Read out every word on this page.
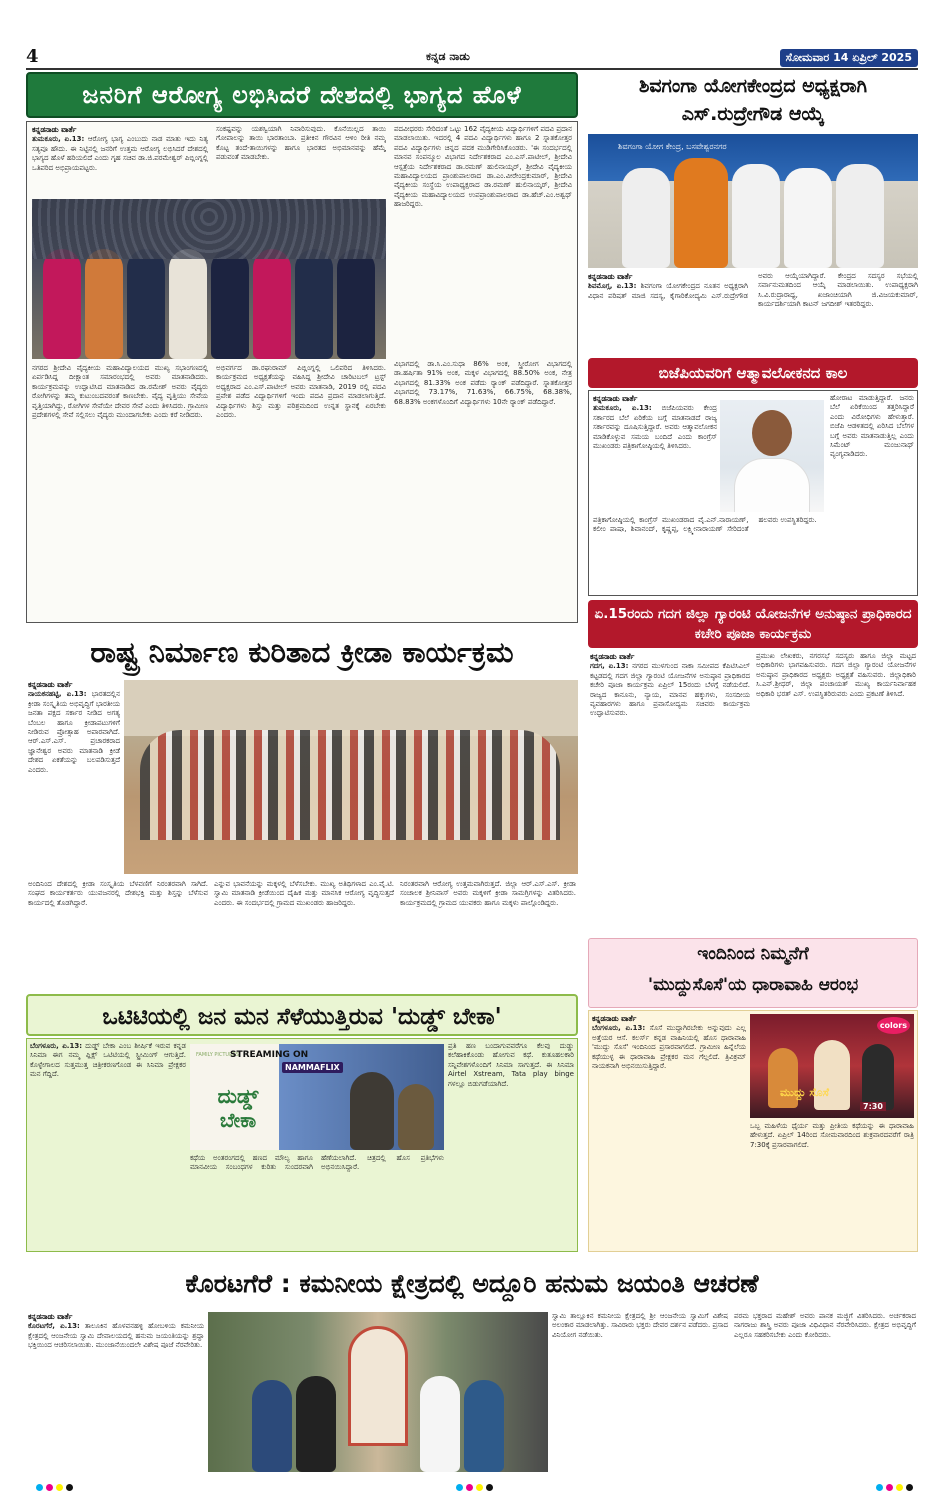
4	ಕನ್ನಡ ನಾಡು	ಸೋಮವಾರ 14 ಏಪ್ರಿಲ್ 2025
ಜನರಿಗೆ ಆರೋಗ್ಯ ಲಭಿಸಿದರೆ ದೇಶದಲ್ಲಿ ಭಾಗ್ಯದ ಹೊಳೆ
ಕನ್ನಡನಾಡು ವಾರ್ತೆ
ತುಮಕೂರು, ಏ.13: ಆರೋಗ್ಯ ಭಾಗ್ಯ ಎಂಬುದು ನಾಡ ಮಾತು ಇದು ನಿತ್ಯ ಸತ್ಯವೂ ಹೌದು. ಈ ನಿಟ್ಟಿನಲ್ಲಿ ಜನರಿಗೆ ಉತ್ತಮ ಆರೋಗ್ಯ ಲಭಿಸಿದರೆ ದೇಶದಲ್ಲಿ ಭಾಗ್ಯದ ಹೊಳೆ ಹರಿಯಲಿದೆ ಎಂದು ಗೃಹ ಸಚಿವ ಡಾ.ಜಿ.ಪರಮೇಶ್ವರ್ ಪಿಬ್ಲಿಂಗ್ನಲ್ಲಿ ಒತಿಪರಿದ ಅಭಿಪ್ರಾಯಪಟ್ಟರು.
ಸಂಕಷ್ಟವನ್ನು ಯಶಸ್ವಿಯಾಗಿ ನಿವಾರಿಸುವುದು. ಕೊನೆಯಿಲ್ಲದ ತಾಯಿ ಗೋಪಾಲನ್ನು ತಾಯಿ ಭಾರತಾಂಬಾ. ಪ್ರತೀಕಿನ ಗೌರವಿನ ಆಳಿಂ ರೀತಿ ನಮ್ಮ ಕೊಟ್ಟ ತಂದೆ-ತಾಯಿಗಳನ್ನು ಹಾಗೂ ಭಾರತದ ಅಭಿಮಾನವನ್ನು ಹೆಮ್ಮೆ ಪಡುವಂತೆ ಮಾಡಬೇಕು.
ಪದವೀಧರರು ಸೇರಿದಂತೆ ಒಟ್ಟು 162 ವೈದ್ಯಕೀಯ ವಿದ್ಯಾರ್ಥಿಗಳಿಗೆ ಪದವಿ ಪ್ರದಾನ ಮಾಡಲಾಯಿತು. ಇದರಲ್ಲಿ 4 ಪದವಿ ವಿದ್ಯಾರ್ಥಿಗಳು ಹಾಗೂ 2 ಸ್ನಾತಕೋತ್ತರ ಪದವಿ ವಿದ್ಯಾರ್ಥಿಗಳು ಚಿನ್ನದ ಪದಕ ಮುಡಿಗೇರಿಸಿಕೊಂಡರು. 'ಈ ಸಂದರ್ಭದಲ್ಲಿ ಮಾನವ ಸಂಪನ್ಮೂಲ ವಿಭಾಗದ ನಿರ್ದೇಶಕರಾದ ಎಂ.ಎಸ್.ಪಾಟೀಲ್, ಶ್ರೀದೇವಿ ಆಸ್ಪತ್ರೆಯ ನಿರ್ದೇಶಕರಾದ ಡಾ.ರಮಣ್ ಹುಲಿನಾಯ್ಕರ್, ಶ್ರೀದೇವಿ ವೈದ್ಯಕೀಯ ಮಹಾವಿದ್ಯಾಲಯದ ಪ್ರಾಂಶುಪಾಲರಾದ ಡಾ.ಎಂ.ವೀರೇಂದ್ರಕುಮಾರ್, ಶ್ರೀದೇವಿ ವೈದ್ಯಕೀಯ ಸಂಸ್ಥೆಯ ಉಪಾಧ್ಯಕ್ಷರಾದ ಡಾ.ರಮಣ್ ಹುಲಿನಾಯ್ಕರ್, ಶ್ರೀದೇವಿ ವೈದ್ಯಕೀಯ ಮಹಾವಿದ್ಯಾಲಯದ ಉಪಪ್ರಾಂಶುಪಾಲರಾದ ಡಾ.ಹೆಚ್.ಎಂ.ಅಶ್ವಥ್ ಹಾಜರಿದ್ದರು.
ನಗರದ ಶ್ರೀದೇವಿ ವೈದ್ಯಕೀಯ ಮಹಾವಿದ್ಯಾಲಯದ ಮುಖ್ಯ ಸಭಾಂಗಣದಲ್ಲಿ ಏರ್ಪಡಿಸಿದ್ದ ದೀಕ್ಷಾಂತ ಸಮಾರಂಭದಲ್ಲಿ ಅವರು ಮಾತನಾಡಿದರು. ಕಾರ್ಯಕ್ರಮವನ್ನು ಉದ್ಘಾಟಿಸಿದ ಮಾತನಾಡಿದ ಡಾ.ರಮೇಶ್ ಅವರು ವೈದ್ಯರು ರೋಗಿಗಳನ್ನು ತಮ್ಮ ಕುಟುಂಬದವರಂತೆ ಕಾಣಬೇಕು. ವೈದ್ಯ ವೃತ್ತಿಯು ಸೇವೆಯ ವೃತ್ತಿಯಾಗಿದ್ದು, ರೋಗಿಗಳ ಸೇವೆಯೇ ದೇವರ ಸೇವೆ ಎಂದು ತಿಳಿಸಿದರು. ಗ್ರಾಮೀಣ ಪ್ರದೇಶಗಳಲ್ಲಿ ಸೇವೆ ಸಲ್ಲಿಸಲು ವೈದ್ಯರು ಮುಂದಾಗಬೇಕು ಎಂದು ಕರೆ ನೀಡಿದರು.
ಅಭಿವರ್ಗದ ಡಾ.ರಘುರಾಮ್ ಪಿಬ್ಲಿಂಗ್ನಲ್ಲಿ ಒಲಿಪರಿದ ತಿಳಿಸಿದರು. ಕಾರ್ಯಕ್ರಮದ ಅಧ್ಯಕ್ಷತೆಯನ್ನು ವಹಿಸಿದ್ದ ಶ್ರೀದೇವಿ ಚಾರಿಟಬಲ್ ಟ್ರಸ್ಟ್ ಅಧ್ಯಕ್ಷರಾದ ಎಂ.ಎಸ್.ಪಾಟೀಲ್ ಅವರು ಮಾತನಾಡಿ, 2019 ರಲ್ಲಿ ಪದವಿ ಪ್ರವೇಶ ಪಡೆದ ವಿದ್ಯಾರ್ಥಿಗಳಿಗೆ ಇಂದು ಪದವಿ ಪ್ರದಾನ ಮಾಡಲಾಗುತ್ತಿದೆ. ವಿದ್ಯಾರ್ಥಿಗಳು ಶಿಸ್ತು ಮತ್ತು ಪರಿಶ್ರಮದಿಂದ ಉನ್ನತ ಸ್ಥಾನಕ್ಕೆ ಏರಬೇಕು ಎಂದರು.
ವಿಭಾಗದಲ್ಲಿ ಡಾ.ಸಿ.ಎಂ.ಸುಧಾ 86% ಅಂಕ, ಸ್ತ್ರೀರೋಗ ವಿಭಾಗದಲ್ಲಿ ಡಾ.ಹರ್ಷಿತಾ 91% ಅಂಕ, ಮಕ್ಕಳ ವಿಭಾಗದಲ್ಲಿ 88.50% ಅಂಕ, ನೇತ್ರ ವಿಭಾಗದಲ್ಲಿ 81.33% ಅಂಕ ಪಡೆದು ರ್‍ಯಾಂಕ್ ಪಡೆದಿದ್ದಾರೆ. ಸ್ನಾತಕೋತ್ತರ ವಿಭಾಗದಲ್ಲಿ 73.17%, 71.63%, 66.75%, 68.38%, 68.83% ಅಂಕಗಳೊಂದಿಗೆ ವಿದ್ಯಾರ್ಥಿಗಳು 10ನೇ ರ್‍ಯಾಂಕ್ ಪಡೆದಿದ್ದಾರೆ.
ಶಿವಗಂಗಾ ಯೋಗಕೇಂದ್ರದ ಅಧ್ಯಕ್ಷರಾಗಿ ಎಸ್.ರುದ್ರೇಗೌಡ ಆಯ್ಕೆ
ಶಿವಗಂಗಾ ಯೋಗ ಕೇಂದ್ರ, ಬಸವೇಶ್ವರನಗರ
ಕನ್ನಡನಾಡು ವಾರ್ತೆ
ಶಿವಮೊಗ್ಗ, ಏ.13: ಶಿವಗಂಗಾ ಯೋಗಕೇಂದ್ರದ ನೂತನ ಅಧ್ಯಕ್ಷರಾಗಿ ವಿಧಾನ ಪರಿಷತ್ ಮಾಜಿ ಸದಸ್ಯ, ಕೈಗಾರಿಕೋದ್ಯಮಿ ಎಸ್.ರುದ್ರೇಗೌಡ ಅವರು ಆಯ್ಕೆಯಾಗಿದ್ದಾರೆ. ಕೇಂದ್ರದ ಸದಸ್ಯರ ಸಭೆಯಲ್ಲಿ ಸರ್ವಾನುಮತದಿಂದ ಆಯ್ಕೆ ಮಾಡಲಾಯಿತು. ಉಪಾಧ್ಯಕ್ಷರಾಗಿ ಸಿ.ವಿ.ರುದ್ರಾರಾಧ್ಯ, ಖಜಾಂಚಿಯಾಗಿ ಜಿ.ವಿಜಯಕುಮಾರ್, ಕಾರ್ಯದರ್ಶಿಯಾಗಿ ಕಾಟನ್ ಜಗದೀಶ್ ಇತರರಿದ್ದರು.
ಬಿಜೆಪಿಯವರಿಗೆ ಆತ್ಮಾವಲೋಕನದ ಕಾಲ
ಕನ್ನಡನಾಡು ವಾರ್ತೆ
ತುಮಕೂರು, ಏ.13: ಬಿಜೆಪಿಯವರು ಕೇಂದ್ರ ಸರ್ಕಾರದ ಬೆಲೆ ಏರಿಕೆಯ ಬಗ್ಗೆ ಮಾತನಾಡದೆ ರಾಜ್ಯ ಸರ್ಕಾರವನ್ನು ದೂಷಿಸುತ್ತಿದ್ದಾರೆ. ಅವರು ಆತ್ಮಾವಲೋಕನ ಮಾಡಿಕೊಳ್ಳುವ ಸಮಯ ಬಂದಿದೆ ಎಂದು ಕಾಂಗ್ರೆಸ್ ಮುಖಂಡರು ಪತ್ರಿಕಾಗೋಷ್ಠಿಯಲ್ಲಿ ತಿಳಿಸಿದರು.
ಹೋರಾಟ ಮಾಡುತ್ತಿದ್ದಾರೆ. ಜನರು ಬೆಲೆ ಏರಿಕೆಯಿಂದ ತತ್ತರಿಸಿದ್ದಾರೆ ಎಂದು ವಿರೋಧಿಗಳು ಹೇಳುತ್ತಾರೆ. ಬಿಜೆಪಿ ಆಡಳಿತದಲ್ಲಿ ಏರಿಸಿದ ಬೆಲೆಗಳ ಬಗ್ಗೆ ಅವರು ಮಾತನಾಡುತ್ತಿಲ್ಲ ಎಂದು ಸಿಮೆಂಟ್ ಮಂಜುನಾಥ್ ವ್ಯಂಗ್ಯವಾಡಿದರು.
ಪತ್ರಿಕಾಗೋಷ್ಠಿಯಲ್ಲಿ ಕಾಂಗ್ರೆಸ್ ಮುಖಂಡರಾದ ವೈ.ಎನ್.ನಾರಾಯಣ್, ಕಲೀಂ ಪಾಷಾ, ಶಿವಾನಂದ್, ಕೃಷ್ಣಪ್ಪ, ಲಕ್ಷ್ಮೀನಾರಾಯಣ್ ಸೇರಿದಂತೆ ಹಲವರು ಉಪಸ್ಥಿತರಿದ್ದರು.
ಏ.15ರಂದು ಗದಗ ಜಿಲ್ಲಾ ಗ್ಯಾರಂಟಿ ಯೋಜನೆಗಳ ಅನುಷ್ಠಾನ ಪ್ರಾಧಿಕಾರದ ಕಚೇರಿ ಪೂಜಾ ಕಾರ್ಯಕ್ರಮ
ಕನ್ನಡನಾಡು ವಾರ್ತೆ
ಗದಗ, ಏ.13: ನಗರದ ಮುಳಗುಂದ ನಾಕಾ ಸಮೀಪದ ಕೆಪಿಟಿಸಿಎಲ್ ಕಟ್ಟಡದಲ್ಲಿ ಗದಗ ಜಿಲ್ಲಾ ಗ್ಯಾರಂಟಿ ಯೋಜನೆಗಳ ಅನುಷ್ಠಾನ ಪ್ರಾಧಿಕಾರದ ಕಚೇರಿ ಪೂಜಾ ಕಾರ್ಯಕ್ರಮ ಏಪ್ರಿಲ್ 15ರಂದು ಬೆಳಗ್ಗೆ ನಡೆಯಲಿದೆ. ರಾಜ್ಯದ ಕಾನೂನು, ನ್ಯಾಯ, ಮಾನವ ಹಕ್ಕುಗಳು, ಸಂಸದೀಯ ವ್ಯವಹಾರಗಳು ಹಾಗೂ ಪ್ರವಾಸೋದ್ಯಮ ಸಚಿವರು ಕಾರ್ಯಕ್ರಮ ಉದ್ಘಾಟಿಸುವರು.
ಪ್ರಮುಖ ಲೇಖಕರು, ನಗರಸಭೆ ಸದಸ್ಯರು ಹಾಗೂ ಜಿಲ್ಲಾ ಮಟ್ಟದ ಅಧಿಕಾರಿಗಳು ಭಾಗವಹಿಸುವರು. ಗದಗ ಜಿಲ್ಲಾ ಗ್ಯಾರಂಟಿ ಯೋಜನೆಗಳ ಅನುಷ್ಠಾನ ಪ್ರಾಧಿಕಾರದ ಅಧ್ಯಕ್ಷರು ಅಧ್ಯಕ್ಷತೆ ವಹಿಸುವರು. ಜಿಲ್ಲಾಧಿಕಾರಿ ಸಿ.ಎನ್.ಶ್ರೀಧರ್, ಜಿಲ್ಲಾ ಪಂಚಾಯತ್ ಮುಖ್ಯ ಕಾರ್ಯನಿರ್ವಾಹಕ ಅಧಿಕಾರಿ ಭರತ್ ಎಸ್. ಉಪಸ್ಥಿತರಿರುವರು ಎಂದು ಪ್ರಕಟಣೆ ತಿಳಿಸಿದೆ.
ರಾಷ್ಟ್ರ ನಿರ್ಮಾಣ ಕುರಿತಾದ ಕ್ರೀಡಾ ಕಾರ್ಯಕ್ರಮ
ಕನ್ನಡನಾಡು ವಾರ್ತೆ
ನಾಯಕನಹಟ್ಟಿ, ಏ.13: ಭಾರತದಲ್ಲಿನ ಕ್ರೀಡಾ ಸಂಸ್ಕೃತಿಯ ಅಭಿವೃದ್ಧಿಗೆ ಭಾರತೀಯ ಜನತಾ ಪಕ್ಷದ ಸರ್ಕಾರ ನೀಡಿದ ಅಗತ್ಯ ಬೆಂಬಲ ಹಾಗೂ ಕ್ರೀಡಾಪಟುಗಳಿಗೆ ನೀಡಿರುವ ಪ್ರೋತ್ಸಾಹ ಅಪಾರವಾಗಿದೆ. ಆರ್.ಎಸ್.ಎಸ್. ಪ್ರಚಾರಕರಾದ ಜ್ಞಾನೇಶ್ವರ ಅವರು ಮಾತನಾಡಿ ಕ್ರೀಡೆ ದೇಶದ ಏಕತೆಯನ್ನು ಬಲಪಡಿಸುತ್ತದೆ ಎಂದರು.
ಅಂದಿನಿಂದ ದೇಶದಲ್ಲಿ ಕ್ರೀಡಾ ಸಂಸ್ಕೃತಿಯ ಬೆಳವಣಿಗೆ ನಿರಂತರವಾಗಿ ಸಾಗಿದೆ. ಸಂಘದ ಕಾರ್ಯಕರ್ತರು ಯುವಜನರಲ್ಲಿ ದೇಶಭಕ್ತಿ ಮತ್ತು ಶಿಸ್ತನ್ನು ಬೆಳೆಸುವ ಕಾರ್ಯದಲ್ಲಿ ತೊಡಗಿದ್ದಾರೆ.
ಎನ್ನುವ ಭಾವನೆಯನ್ನು ಮಕ್ಕಳಲ್ಲಿ ಬೆಳೆಸಬೇಕು. ಮುಖ್ಯ ಅತಿಥಿಗಳಾದ ಎಂ.ವೈ.ಟಿ. ಸ್ವಾಮಿ ಮಾತನಾಡಿ ಕ್ರೀಡೆಯಿಂದ ದೈಹಿಕ ಮತ್ತು ಮಾನಸಿಕ ಆರೋಗ್ಯ ವೃದ್ಧಿಸುತ್ತದೆ ಎಂದರು. ಈ ಸಂದರ್ಭದಲ್ಲಿ ಗ್ರಾಮದ ಮುಖಂಡರು ಹಾಜರಿದ್ದರು.
ನಿರಂತರವಾಗಿ ಆರೋಗ್ಯ ಉತ್ತಮವಾಗಿರುತ್ತದೆ. ಜಿಲ್ಲಾ ಆರ್.ಎಸ್.ಎಸ್. ಕ್ರೀಡಾ ಸಂಚಾಲಕ ಶ್ರೀನಿವಾಸ್ ಅವರು ಮಕ್ಕಳಿಗೆ ಕ್ರೀಡಾ ಸಾಮಗ್ರಿಗಳನ್ನು ವಿತರಿಸಿದರು. ಕಾರ್ಯಕ್ರಮದಲ್ಲಿ ಗ್ರಾಮದ ಯುವಕರು ಹಾಗೂ ಮಕ್ಕಳು ಪಾಲ್ಗೊಂಡಿದ್ದರು.
ಒಟಿಟಿಯಲ್ಲಿ ಜನ ಮನ ಸೆಳೆಯುತ್ತಿರುವ 'ದುಡ್ಡ್ ಬೇಕಾ'
ಬೆಂಗಳೂರು, ಏ.13: ದುಡ್ಡ್ ಬೇಕಾ ಎಂಬ ಶೀರ್ಷಿಕೆ ಇರುವ ಕನ್ನಡ ಸಿನಿಮಾ ಈಗ ನಮ್ಮ ಫ್ಲಿಕ್ಸ್ ಒಟಿಟಿಯಲ್ಲಿ ಸ್ಟ್ರೀಮಿಂಗ್ ಆಗುತ್ತಿದೆ. ಕೊಳ್ಳೇಗಾಲದ ಸುತ್ತಮುತ್ತ ಚಿತ್ರೀಕರಣಗೊಂಡ ಈ ಸಿನಿಮಾ ಪ್ರೇಕ್ಷಕರ ಮನ ಗೆದ್ದಿದೆ.
FAMILY PICTURES
STREAMING ON
NAMMAFLIX
ದುಡ್ಡ್ ಬೇಕಾ
ಕಥೆಯ ಅಂತರಂಗದಲ್ಲಿ ಹಣದ ಮೌಲ್ಯ ಹಾಗೂ ಮಾನವೀಯ ಸಂಬಂಧಗಳ ಕುರಿತು ಸುಂದರವಾಗಿ ಹೆಣೆಯಲಾಗಿದೆ. ಚಿತ್ರದಲ್ಲಿ ಹೊಸ ಪ್ರತಿಭೆಗಳು ಅಭಿನಯಿಸಿದ್ದಾರೆ.
ಪ್ರತಿ ಹಣ ಬಂದಾಗುವವರೆಗೂ ಕೆಲವು ದುಡ್ಡು ಕಲೆಹಾಕಿಕೊಂಡು ಹೋಗುವ ಕಥೆ. ಕುತೂಹಲಕಾರಿ ಸನ್ನಿವೇಶಗಳೊಂದಿಗೆ ಸಿನಿಮಾ ಸಾಗುತ್ತದೆ. ಈ ಸಿನಿಮಾ Airtel Xstream, Tata play binge ಗಳಲ್ಲೂ ಬಿಡುಗಡೆಯಾಗಿದೆ.
ಇಂದಿನಿಂದ ನಿಮ್ಮನೆಗೆ
'ಮುದ್ದುಸೊಸೆ'ಯ ಧಾರಾವಾಹಿ ಆರಂಭ
ಕನ್ನಡನಾಡು ವಾರ್ತೆ
ಬೆಂಗಳೂರು, ಏ.13: ಸೊಸೆ ಮುದ್ದಾಗಿರಬೇಕು ಅನ್ನುವುದು ಎಲ್ಲ ಅತ್ತೆಯರ ಆಸೆ. ಕಲರ್ಸ್ ಕನ್ನಡ ವಾಹಿನಿಯಲ್ಲಿ ಹೊಸ ಧಾರಾವಾಹಿ 'ಮುದ್ದು ಸೊಸೆ' ಇಂದಿನಿಂದ ಪ್ರಸಾರವಾಗಲಿದೆ. ಗ್ರಾಮೀಣ ಹಿನ್ನೆಲೆಯ ಕಥೆಯುಳ್ಳ ಈ ಧಾರಾವಾಹಿ ಪ್ರೇಕ್ಷಕರ ಮನ ಗೆಲ್ಲಲಿದೆ. ತ್ರಿವಿಕ್ರಮ್ ನಾಯಕನಾಗಿ ಅಭಿನಯಿಸುತ್ತಿದ್ದಾರೆ.
colors
ಮುದ್ದು ಸೊಸೆ
7:30
ಒಬ್ಬ ಮಹಿಳೆಯ ಧೈರ್ಯ ಮತ್ತು ಪ್ರೀತಿಯ ಕಥೆಯನ್ನು ಈ ಧಾರಾವಾಹಿ ಹೇಳುತ್ತದೆ. ಏಪ್ರಿಲ್ 14ರಿಂದ ಸೋಮವಾರದಿಂದ ಶುಕ್ರವಾರದವರೆಗೆ ರಾತ್ರಿ 7:30ಕ್ಕೆ ಪ್ರಸಾರವಾಗಲಿದೆ.
ಕೊರಟಗೆರೆ : ಕಮನೀಯ ಕ್ಷೇತ್ರದಲ್ಲಿ ಅದ್ದೂರಿ ಹನುಮ ಜಯಂತಿ ಆಚರಣೆ
ಕನ್ನಡನಾಡು ವಾರ್ತೆ
ಕೊರಟಗೆರೆ, ಏ.13: ತಾಲೂಕಿನ ಹೊಳವನಹಳ್ಳಿ ಹೋಬಳಿಯ ಕಮನೀಯ ಕ್ಷೇತ್ರದಲ್ಲಿ ಆಂಜನೇಯ ಸ್ವಾಮಿ ದೇವಾಲಯದಲ್ಲಿ ಹನುಮ ಜಯಂತಿಯನ್ನು ಶ್ರದ್ಧಾ ಭಕ್ತಿಯಿಂದ ಆಚರಿಸಲಾಯಿತು. ಮುಂಜಾನೆಯಿಂದಲೇ ವಿಶೇಷ ಪೂಜೆ ನೆರವೇರಿತು.
ಸ್ವಾಮಿ ತಾಲ್ಲೂಕಿನ ಕಮನೀಯ ಕ್ಷೇತ್ರದಲ್ಲಿ ಶ್ರೀ ಆಂಜನೇಯ ಸ್ವಾಮಿಗೆ ವಿಶೇಷ ಅಲಂಕಾರ ಮಾಡಲಾಗಿತ್ತು. ಸಾವಿರಾರು ಭಕ್ತರು ದೇವರ ದರ್ಶನ ಪಡೆದರು. ಪ್ರಸಾದ ವಿನಿಯೋಗ ನಡೆಯಿತು.
ಪರಮ ಭಕ್ತರಾದ ಮಹೇಶ್ ಅವರು ಪಾನಕ ಮಜ್ಜಿಗೆ ವಿತರಿಸಿದರು. ಅರ್ಚಕರಾದ ನಾಗರಾಜು ಶಾಸ್ತ್ರಿ ಅವರು ಪೂಜಾ ವಿಧಿವಿಧಾನ ನೆರವೇರಿಸಿದರು. ಕ್ಷೇತ್ರದ ಅಭಿವೃದ್ಧಿಗೆ ಎಲ್ಲರೂ ಸಹಕರಿಸಬೇಕು ಎಂದು ಕೋರಿದರು.
